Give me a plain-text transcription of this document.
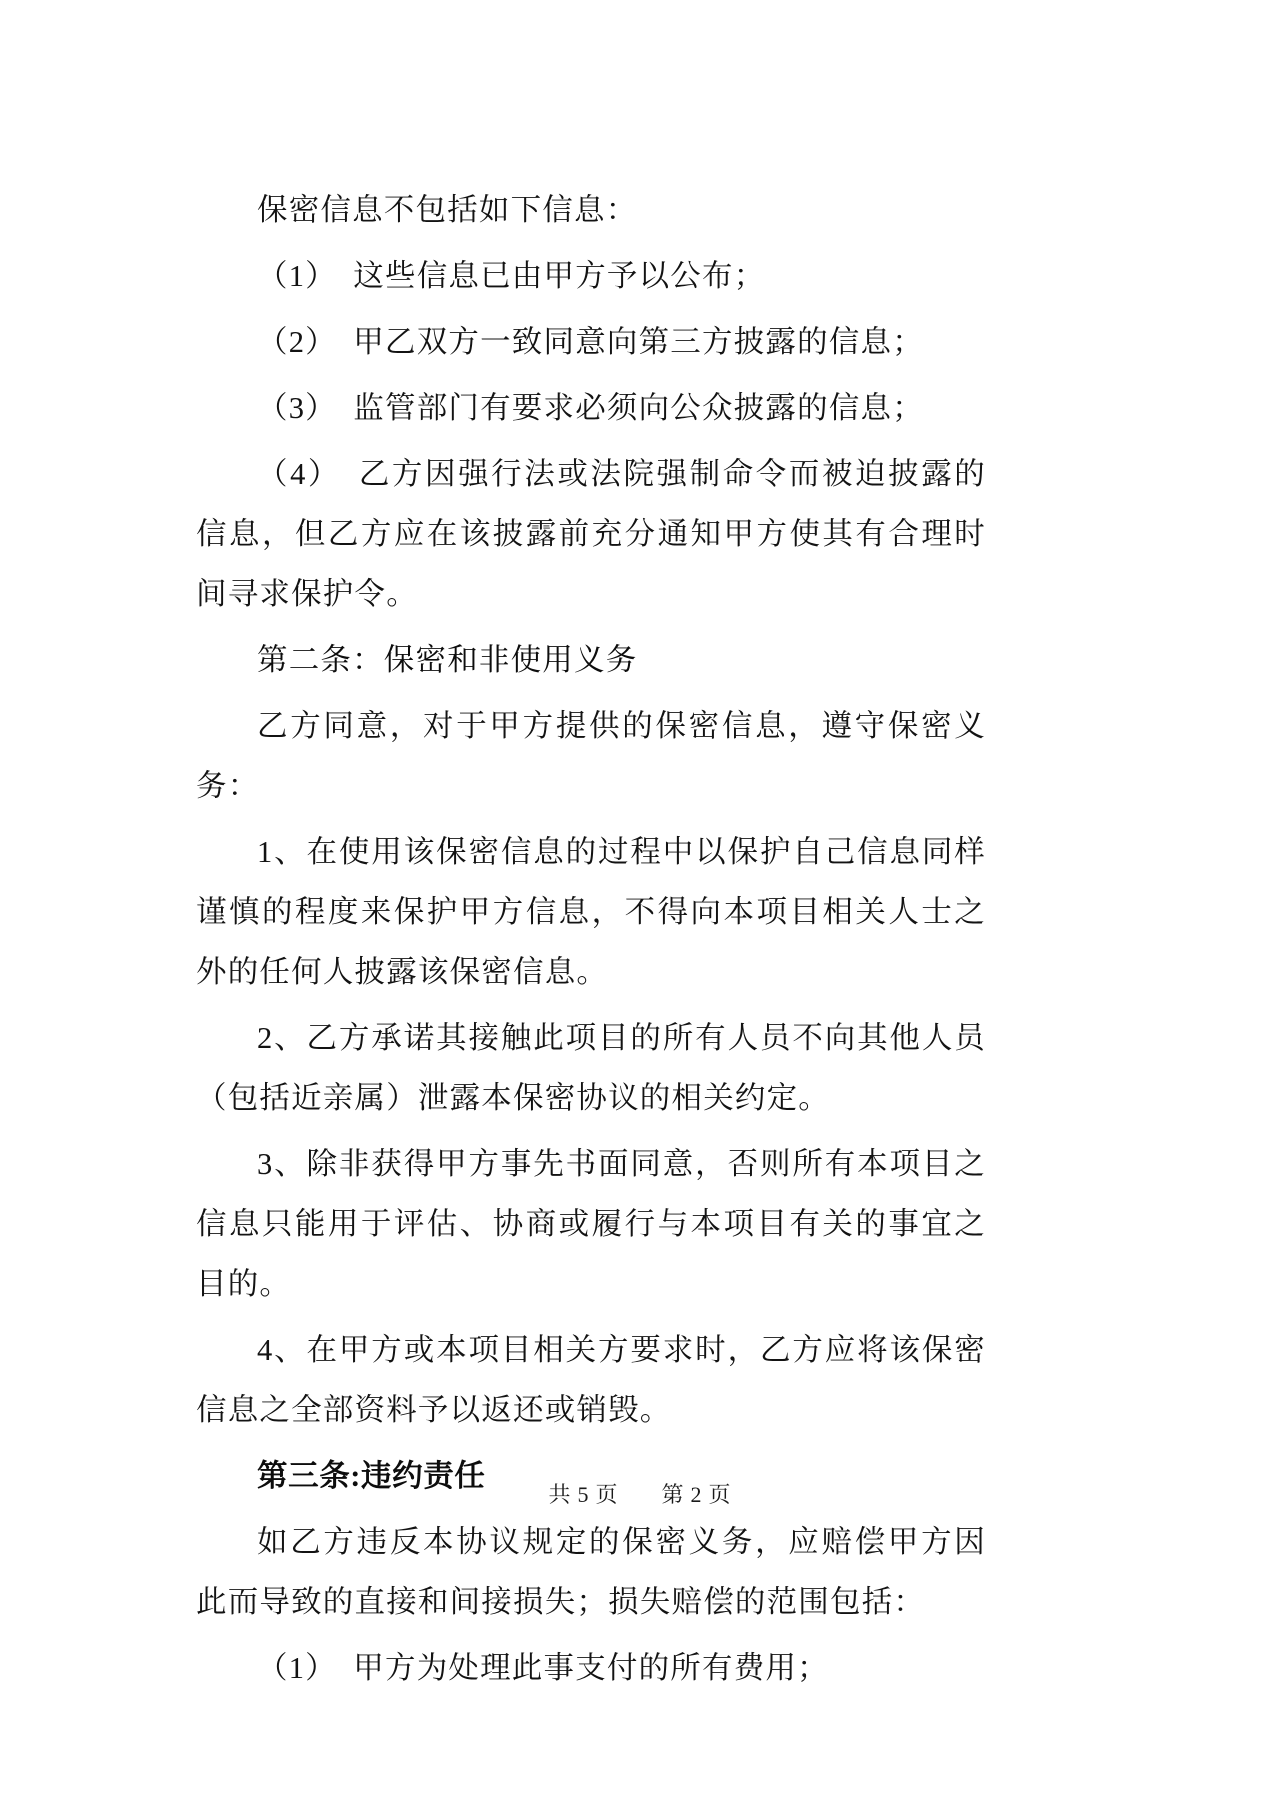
保密信息不包括如下信息：

（1）　这些信息已由甲方予以公布；

（2）　甲乙双方一致同意向第三方披露的信息；

（3）　监管部门有要求必须向公众披露的信息；

（4）　乙方因强行法或法院强制命令而被迫披露的信息，但乙方应在该披露前充分通知甲方使其有合理时间寻求保护令。

第二条：保密和非使用义务

乙方同意，对于甲方提供的保密信息，遵守保密义务：

1、在使用该保密信息的过程中以保护自己信息同样谨慎的程度来保护甲方信息，不得向本项目相关人士之外的任何人披露该保密信息。

2、乙方承诺其接触此项目的所有人员不向其他人员（包括近亲属）泄露本保密协议的相关约定。

3、除非获得甲方事先书面同意，否则所有本项目之信息只能用于评估、协商或履行与本项目有关的事宜之目的。

4、在甲方或本项目相关方要求时，乙方应将该保密信息之全部资料予以返还或销毁。

第三条:违约责任

如乙方违反本协议规定的保密义务，应赔偿甲方因此而导致的直接和间接损失；损失赔偿的范围包括：

（1）　甲方为处理此事支付的所有费用；

共 5 页 第 2 页
